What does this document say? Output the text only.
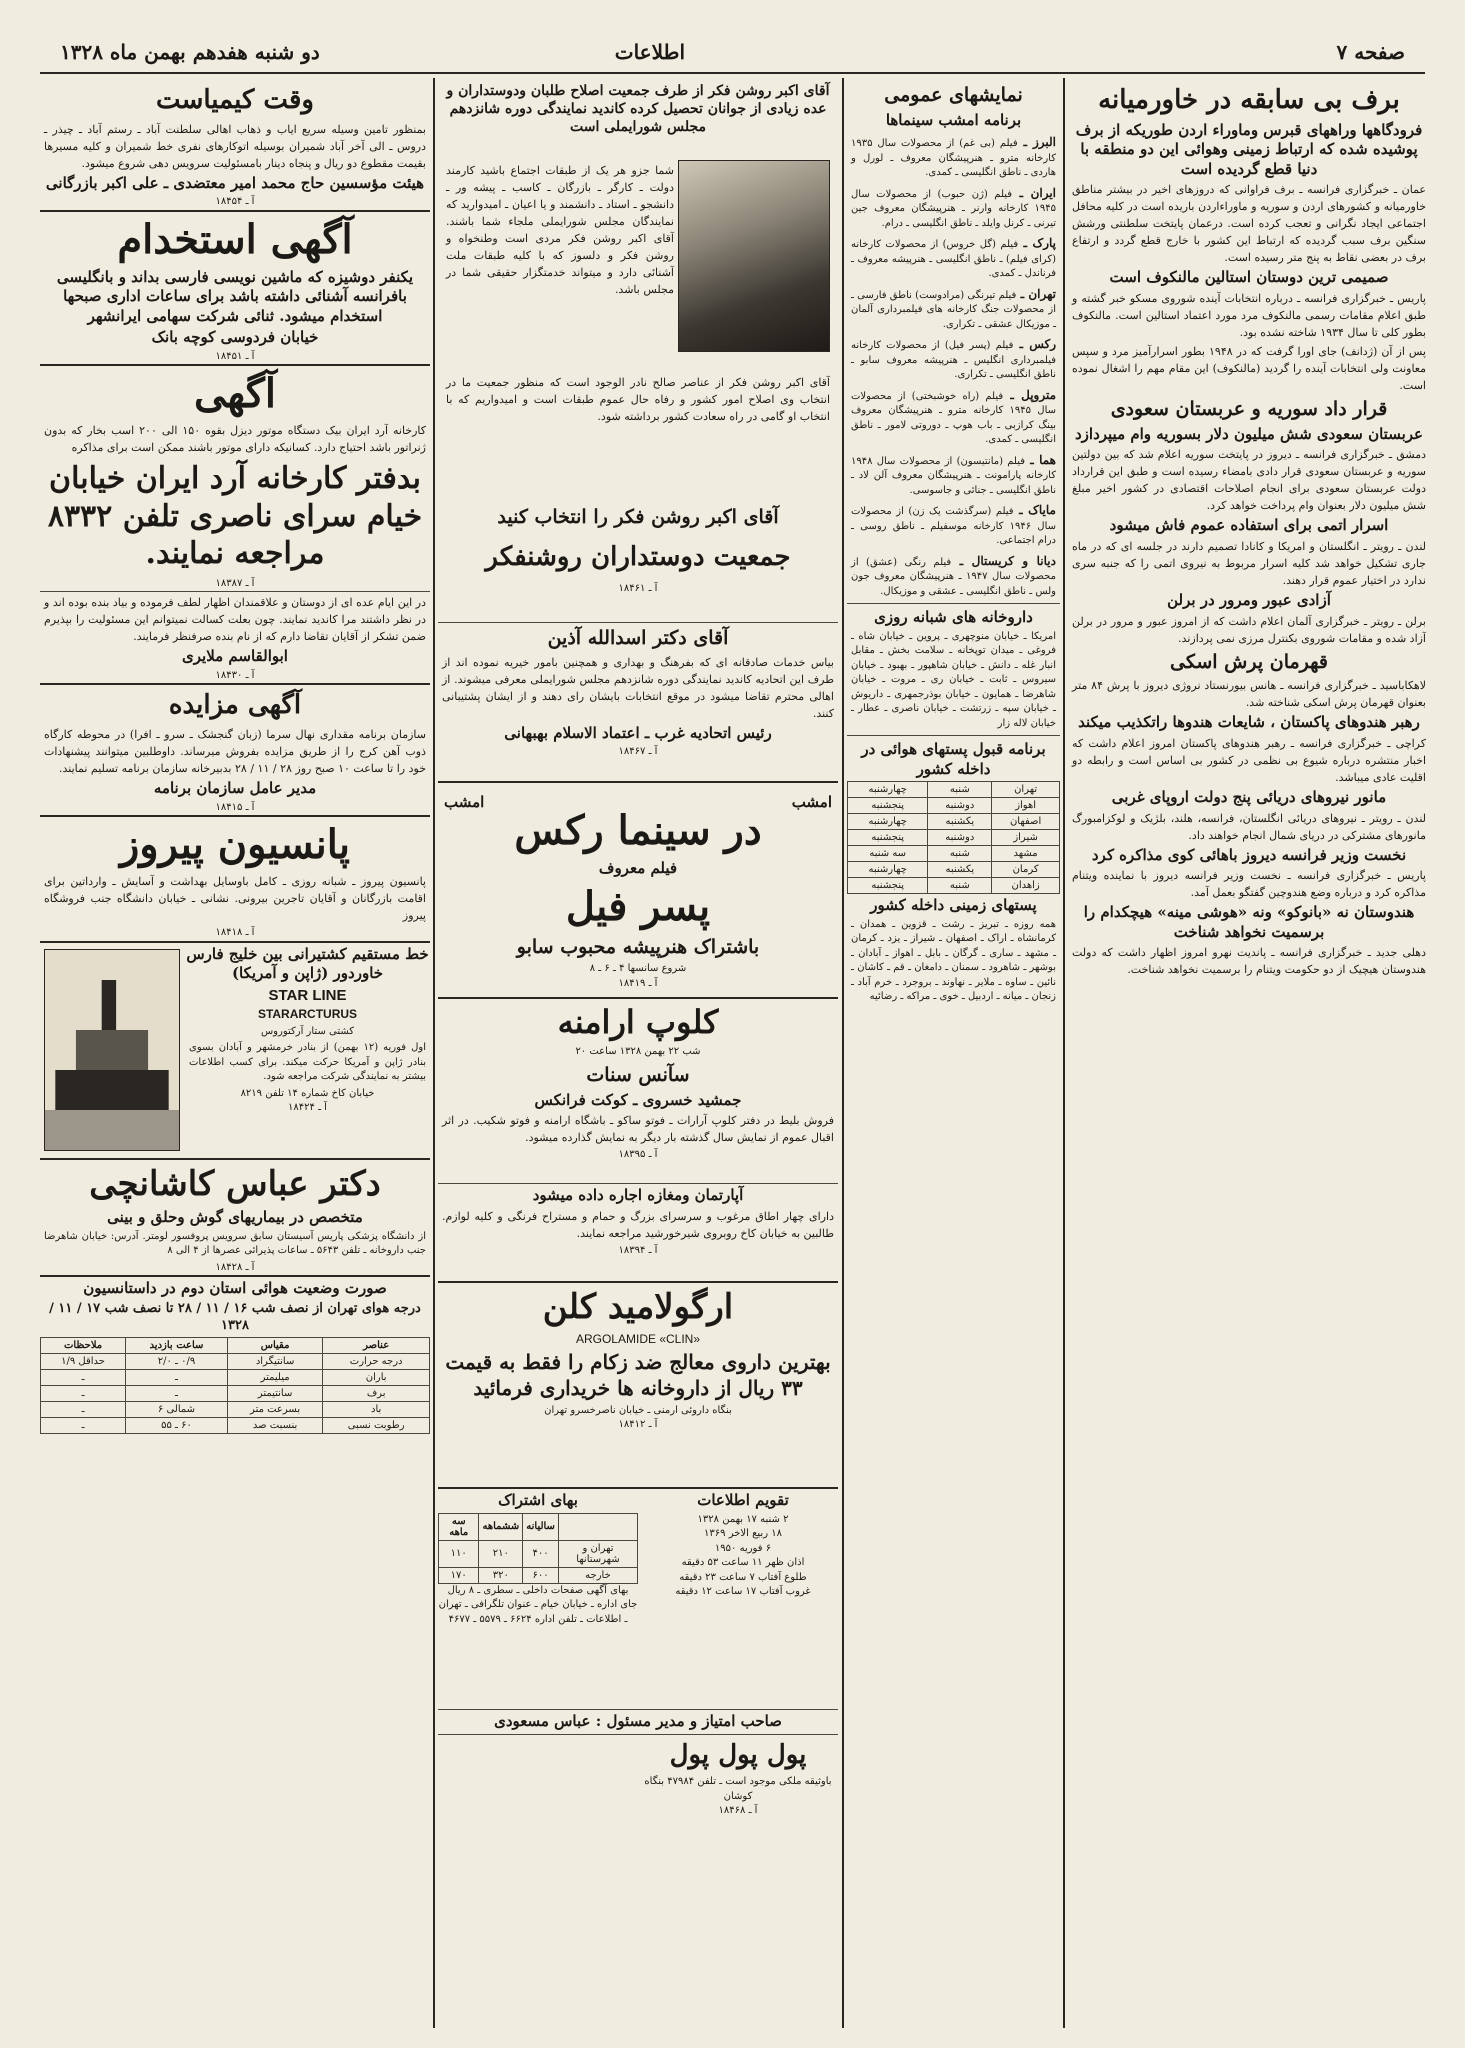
صفحه ۷
اطلاعات
دو شنبه هفدهم بهمن ماه ۱۳۲۸
برف بی سابقه در خاورمیانه
فرودگاهها وراههای قبرس وماوراء اردن طوریکه از برف پوشیده شده که ارتباط زمینی وهوائی این دو منطقه با دنیا قطع گردیده است
عمان ـ خبرگزاری فرانسه ـ برف فراوانی که دروزهای اخیر در بیشتر مناطق خاورمیانه و کشورهای اردن و سوریه و ماوراءاردن باریده است در کلیه محافل اجتماعی ایجاد نگرانی و تعجب کرده است. درعمان پایتخت سلطنتی ورشش سنگین برف سبب گردیده که ارتباط این کشور با خارج قطع گردد و ارتفاع برف در بعضی نقاط به پنج متر رسیده است.
صمیمی ترین دوستان استالین مالنکوف است
پاریس ـ خبرگزاری فرانسه ـ درباره انتخابات آینده شوروی مسکو خبر گشته و طبق اعلام مقامات رسمی مالنکوف مرد مورد اعتماد استالین است. مالنکوف بطور کلی تا سال ۱۹۳۴ شاخته نشده بود.
پس از آن (ژدانف) جای اورا گرفت که در ۱۹۴۸ بطور اسرارآمیز مرد و سپس معاونت ولی انتخابات آینده را گردید (مالنکوف) این مقام مهم را اشغال نموده است.
قرار داد سوریه و عربستان سعودی
عربستان سعودی شش میلیون دلار بسوریه وام میپردازد
دمشق ـ خبرگزاری فرانسه ـ دیروز در پایتخت سوریه اعلام شد که بین دولتین سوریه و عربستان سعودی قرار دادی بامضاء رسیده است و طبق این قرارداد دولت عربستان سعودی برای انجام اصلاحات اقتصادی در کشور اخیر مبلغ شش میلیون دلار بعنوان وام پرداخت خواهد کرد.
اسرار اتمی برای استفاده عموم فاش میشود
لندن ـ رویتر ـ انگلستان و امریکا و کانادا تصمیم دارند در جلسه ای که در ماه جاری تشکیل خواهد شد کلیه اسرار مربوط به نیروی اتمی را که جنبه سری ندارد در اختیار عموم قرار دهند.
آزادی عبور ومرور در برلن
برلن ـ رویتر ـ خبرگزاری آلمان اعلام داشت که از امروز عبور و مرور در برلن آزاد شده و مقامات شوروی بکنترل مرزی نمی پردازند.
قهرمان پرش اسکی
لاهکاباسید ـ خبرگزاری فرانسه ـ هانس بیورنستاد نروژی دیروز با پرش ۸۴ متر بعنوان قهرمان پرش اسکی شناخته شد.
رهبر هندوهای پاکستان ، شایعات هندوها راتکذیب میکند
کراچی ـ خبرگزاری فرانسه ـ رهبر هندوهای پاکستان امروز اعلام داشت که اخبار منتشره درباره شیوع بی نظمی در کشور بی اساس است و رابطه دو اقلیت عادی میباشد.
مانور نیروهای دریائی پنج دولت اروپای غربی
لندن ـ رویتر ـ نیروهای دریائی انگلستان، فرانسه، هلند، بلژیک و لوکزامبورگ مانورهای مشترکی در دریای شمال انجام خواهند داد.
نخست وزیر فرانسه دیروز باهائی کوی مذاکره کرد
پاریس ـ خبرگزاری فرانسه ـ نخست وزیر فرانسه دیروز با نماینده ویتنام مذاکره کرد و درباره وضع هندوچین گفتگو بعمل آمد.
هندوستان نه «بانوکو» ونه «هوشی مینه» هیچکدام را برسمیت نخواهد شناخت
دهلی جدید ـ خبرگزاری فرانسه ـ پاندیت نهرو امروز اظهار داشت که دولت هندوستان هیچیک از دو حکومت ویتنام را برسمیت نخواهد شناخت.
نمایشهای عمومی
برنامه امشب سینماها
البرز ـ فیلم (بی غم) از محصولات سال ۱۹۳۵ کارخانه مترو ـ هنرپیشگان معروف ـ لورل و هاردی ـ ناطق انگلیسی ـ کمدی.
ایران ـ فیلم (ژن حبوب) از محصولات سال ۱۹۴۵ کارخانه وارنر ـ هنرپیشگان معروف جین تیرنی ـ کرنل وایلد ـ ناطق انگلیسی ـ درام.
پارک ـ فیلم (گل خروس) از محصولات کارخانه (کرای فیلم) ـ ناطق انگلیسی ـ هنرپیشه معروف ـ فرناندل ـ کمدی.
تهران ـ فیلم تیرنگی (مرادوست) ناطق فارسی ـ از محصولات جنگ کارخانه های فیلمبرداری آلمان ـ موزیکال عشقی ـ تکراری.
رکس ـ فیلم (پسر فیل) از محصولات کارخانه فیلمبرداری انگلیس ـ هنرپیشه معروف سابو ـ ناطق انگلیسی ـ تکراری.
متروپل ـ فیلم (راه خوشبختی) از محصولات سال ۱۹۴۵ کارخانه مترو ـ هنرپیشگان معروف بینگ کرازبی ـ باب هوپ ـ دوروتی لامور ـ ناطق انگلیسی ـ کمدی.
هما ـ فیلم (مانتیسون) از محصولات سال ۱۹۴۸ کارخانه پارامونت ـ هنرپیشگان معروف آلن لاد ـ ناطق انگلیسی ـ جنائی و جاسوسی.
مایاک ـ فیلم (سرگذشت یک زن) از محصولات سال ۱۹۴۶ کارخانه موسفیلم ـ ناطق روسی ـ درام اجتماعی.
دیانا و کریستال ـ فیلم رنگی (عشق) از محصولات سال ۱۹۴۷ ـ هنرپیشگان معروف جون ولس ـ ناطق انگلیسی ـ عشقی و موزیکال.
داروخانه های شبانه روزی
امریکا ـ خیابان منوچهری ـ پروین ـ خیابان شاه ـ فروغی ـ میدان توپخانه ـ سلامت بخش ـ مقابل انبار غله ـ دانش ـ خیابان شاهپور ـ بهبود ـ خیابان سیروس ـ ثابت ـ خیابان ری ـ مروت ـ خیابان شاهرضا ـ همایون ـ خیابان بوذرجمهری ـ داریوش ـ خیابان سپه ـ زرتشت ـ خیابان ناصری ـ عطار ـ خیابان لاله زار
برنامه قبول پستهای هوائی در داخله کشور
تهران	شنبه	چهارشنبه
اهواز	دوشنبه	پنجشنبه
اصفهان	یکشنبه	چهارشنبه
شیراز	دوشنبه	پنجشنبه
مشهد	شنبه	سه شنبه
کرمان	یکشنبه	چهارشنبه
زاهدان	شنبه	پنجشنبه
پستهای زمینی داخله کشور
همه روزه ـ تبریز ـ رشت ـ قزوین ـ همدان ـ کرمانشاه ـ اراک ـ اصفهان ـ شیراز ـ یزد ـ کرمان ـ مشهد ـ ساری ـ گرگان ـ بابل ـ اهواز ـ آبادان ـ بوشهر ـ شاهرود ـ سمنان ـ دامغان ـ قم ـ کاشان ـ نائین ـ ساوه ـ ملایر ـ نهاوند ـ بروجرد ـ خرم آباد ـ زنجان ـ میانه ـ اردبیل ـ خوی ـ مراکه ـ رضائیه
آقای اکبر روشن فکر از طرف جمعیت اصلاح طلبان ودوستداران و عده زیادی از جوانان تحصیل کرده کاندید نمایندگی دوره شانزدهم مجلس شورایملی است
شما جزو هر یک از طبقات اجتماع باشید کارمند دولت ـ کارگر ـ بازرگان ـ کاسب ـ پیشه ور ـ دانشجو ـ استاد ـ دانشمند و یا اعیان ـ امیدوارید که نمایندگان مجلس شورایملی ملجاء شما باشند. آقای اکبر روشن فکر مردی است وطنخواه و روشن فکر و دلسوز که با کلیه طبقات ملت آشنائی دارد و میتواند خدمتگزار حقیقی شما در مجلس باشد.
آقای اکبر روشن فکر از عناصر صالح نادر الوجود است که منظور جمعیت ما در انتخاب وی اصلاح امور کشور و رفاه حال عموم طبقات است و امیدواریم که با انتخاب او گامی در راه سعادت کشور برداشته شود.
آقای اکبر روشن فکر را انتخاب کنید
جمعیت دوستداران روشنفکر
آ ـ ۱۸۴۶۱
آقای دکتر اسدالله آذین
بیاس خدمات صادقانه ای که بفرهنگ و بهداری و همچنین بامور خیریه نموده اند از طرف این اتحادیه کاندید نمایندگی دوره شانزدهم مجلس شورایملی معرفی میشوند. از اهالی محترم تقاضا میشود در موقع انتخابات بایشان رای دهند و از ایشان پشتیبانی کنند.
رئیس اتحادیه غرب ـ اعتماد الاسلام بهبهانی
آ ـ ۱۸۴۶۷
امشب
امشب
در سینما رکس
فیلم معروف
پسر فیل
باشتراک هنرپیشه محبوب سابو
شروع سانسها ۴ ـ ۶ ـ ۸
آ ـ ۱۸۴۱۹
کلوپ ارامنه
شب ۲۲ بهمن ۱۳۲۸ ساعت ۲۰
سآنس سنات
جمشید خسروی ـ کوکت فرانکس
فروش بلیط در دفتر کلوپ آرارات ـ فوتو ساکو ـ باشگاه ارامنه و فوتو شکیب. در اثر اقبال عموم از نمایش سال گذشته بار دیگر به نمایش گذارده میشود.
آ ـ ۱۸۳۹۵
آپارتمان ومغازه اجاره داده میشود
دارای چهار اطاق مرغوب و سرسرای بزرگ و حمام و مستراح فرنگی و کلیه لوازم. طالبین به خیابان کاخ روبروی شیرخورشید مراجعه نمایند.
آ ـ ۱۸۳۹۴
ارگولامید کلن
ARGOLAMIDE «CLIN»
بهترین داروی معالج ضد زکام را فقط به قیمت ۳۳ ریال از داروخانه ها خریداری فرمائید
بنگاه داروئی ارمنی ـ خیابان ناصرخسرو تهران
آ ـ ۱۸۴۱۲
تقویم اطلاعات
۲ شنبه ۱۷ بهمن ۱۳۲۸
۱۸ ربیع الاخر ۱۳۶۹
۶ فوریه ۱۹۵۰
اذان ظهر ۱۱ ساعت ۵۳ دقیقه
طلوع آفتاب ۷ ساعت ۲۳ دقیقه
غروب آفتاب ۱۷ ساعت ۱۲ دقیقه
بهای اشتراک
	سالیانه	ششماهه	سه ماهه
تهران و شهرستانها	۴۰۰	۲۱۰	۱۱۰
خارجه	۶۰۰	۳۲۰	۱۷۰
بهای آگهی صفحات داخلی ـ سطری ـ ۸ ریال
جای اداره ـ خیابان خیام ـ عنوان تلگرافی ـ تهران ـ اطلاعات ـ تلفن اداره ۶۶۲۴ ـ ۵۵۷۹ ـ ۴۶۷۷
صاحب امتیاز و مدیر مسئول : عباس مسعودی
پول پول پول
باوثیقه ملکی موجود است ـ تلفن ۴۷۹۸۴ بنگاه کوشان
آ ـ ۱۸۴۶۸
وقت کیمیاست
بمنظور تامین وسیله سریع ایاب و ذهاب اهالی سلطنت آباد ـ رستم آباد ـ چیذر ـ دروس ـ الی آخر آباد شمیران بوسیله اتوکارهای نفری خط شمیران و کلیه مسیرها بقیمت مقطوع دو ریال و پنجاه دینار بامسئولیت سرویس دهی شروع میشود.
هیئت مؤسسین حاج محمد امیر معتضدی ـ علی اکبر بازرگانی
آ ـ ۱۸۴۵۴
آگهی استخدام
یکنفر دوشیزه که ماشین نویسی فارسی بداند و بانگلیسی بافرانسه آشنائی داشته باشد برای ساعات اداری صبحها استخدام میشود. ثنائی شرکت سهامی ایرانشهر
خیابان فردوسی کوچه بانک
آ ـ ۱۸۴۵۱
آگهی
کارخانه آرد ایران بیک دستگاه موتور دیزل بقوه ۱۵۰ الی ۲۰۰ اسب بخار که بدون ژنراتور باشد احتیاج دارد. کسانیکه دارای موتور باشند ممکن است برای مذاکره
بدفتر کارخانه آرد ایران خیابان خیام سرای ناصری تلفن ۸۳۳۲ مراجعه نمایند.
آ ـ ۱۸۳۸۷
در این ایام عده ای از دوستان و علاقمندان اظهار لطف فرموده و بیاد بنده بوده اند و در نظر داشتند مرا کاندید نمایند. چون بعلت کسالت نمیتوانم این مسئولیت را بپذیرم ضمن تشکر از آقایان تقاضا دارم که از نام بنده صرفنظر فرمایند.
ابوالقاسم ملایری
آ ـ ۱۸۴۳۰
آگهی مزایده
سازمان برنامه مقداری نهال سرما (زبان گنجشک ـ سرو ـ افرا) در محوطه کارگاه ذوب آهن کرج را از طریق مزایده بفروش میرساند. داوطلبین میتوانند پیشنهادات خود را تا ساعت ۱۰ صبح روز ۲۸ / ۱۱ / ۲۸ بدبیرخانه سازمان برنامه تسلیم نمایند.
مدیر عامل سازمان برنامه
آ ـ ۱۸۴۱۵
پانسیون پیروز
پانسیون پیروز ـ شبانه روزی ـ کامل باوسایل بهداشت و آسایش ـ وارداتین برای اقامت بازرگانان و آقایان تاجرین بیرونی. نشانی ـ خیابان دانشگاه جنب فروشگاه پیروز
آ ـ ۱۸۴۱۸
خط مستقیم کشتیرانی بین خلیج فارس خاوردور (ژاپن و آمریکا)
STAR LINE
STARARCTURUS
کشتی ستار آرکتوروس
اول فوریه (۱۲ بهمن) از بنادر خرمشهر و آبادان بسوی بنادر ژاپن و آمریکا حرکت میکند. برای کسب اطلاعات بیشتر به نمایندگی شرکت مراجعه شود.
خیابان کاخ شماره ۱۴ تلفن ۸۲۱۹
آ ـ ۱۸۴۲۴
دکتر عباس کاشانچی
متخصص در بیماریهای گوش وحلق و بینی
از دانشگاه پزشکی پاریس آسیستان سابق سرویس پروفسور لومتر. آدرس: خیابان شاهرضا جنب داروخانه ـ تلفن ۵۶۴۳ ـ ساعات پذیرائی عصرها از ۴ الی ۸
آ ـ ۱۸۴۲۸
صورت وضعیت هوائی استان دوم در داستانسیون
درجه هوای تهران از نصف شب ۱۶ / ۱۱ / ۲۸ تا نصف شب ۱۷ / ۱۱ / ۱۳۲۸
عناصر	مقیاس	ساعت بازدید	ملاحظات
درجه حرارت	سانتیگراد	۰/۹ ـ ۲/۰	حداقل ۱/۹
باران	میلیمتر	ـ	ـ
برف	سانتیمتر	ـ	ـ
باد	بسرعت متر	شمالی ۶	ـ
رطوبت نسبی	بنسبت صد	۶۰ ـ ۵۵	ـ
